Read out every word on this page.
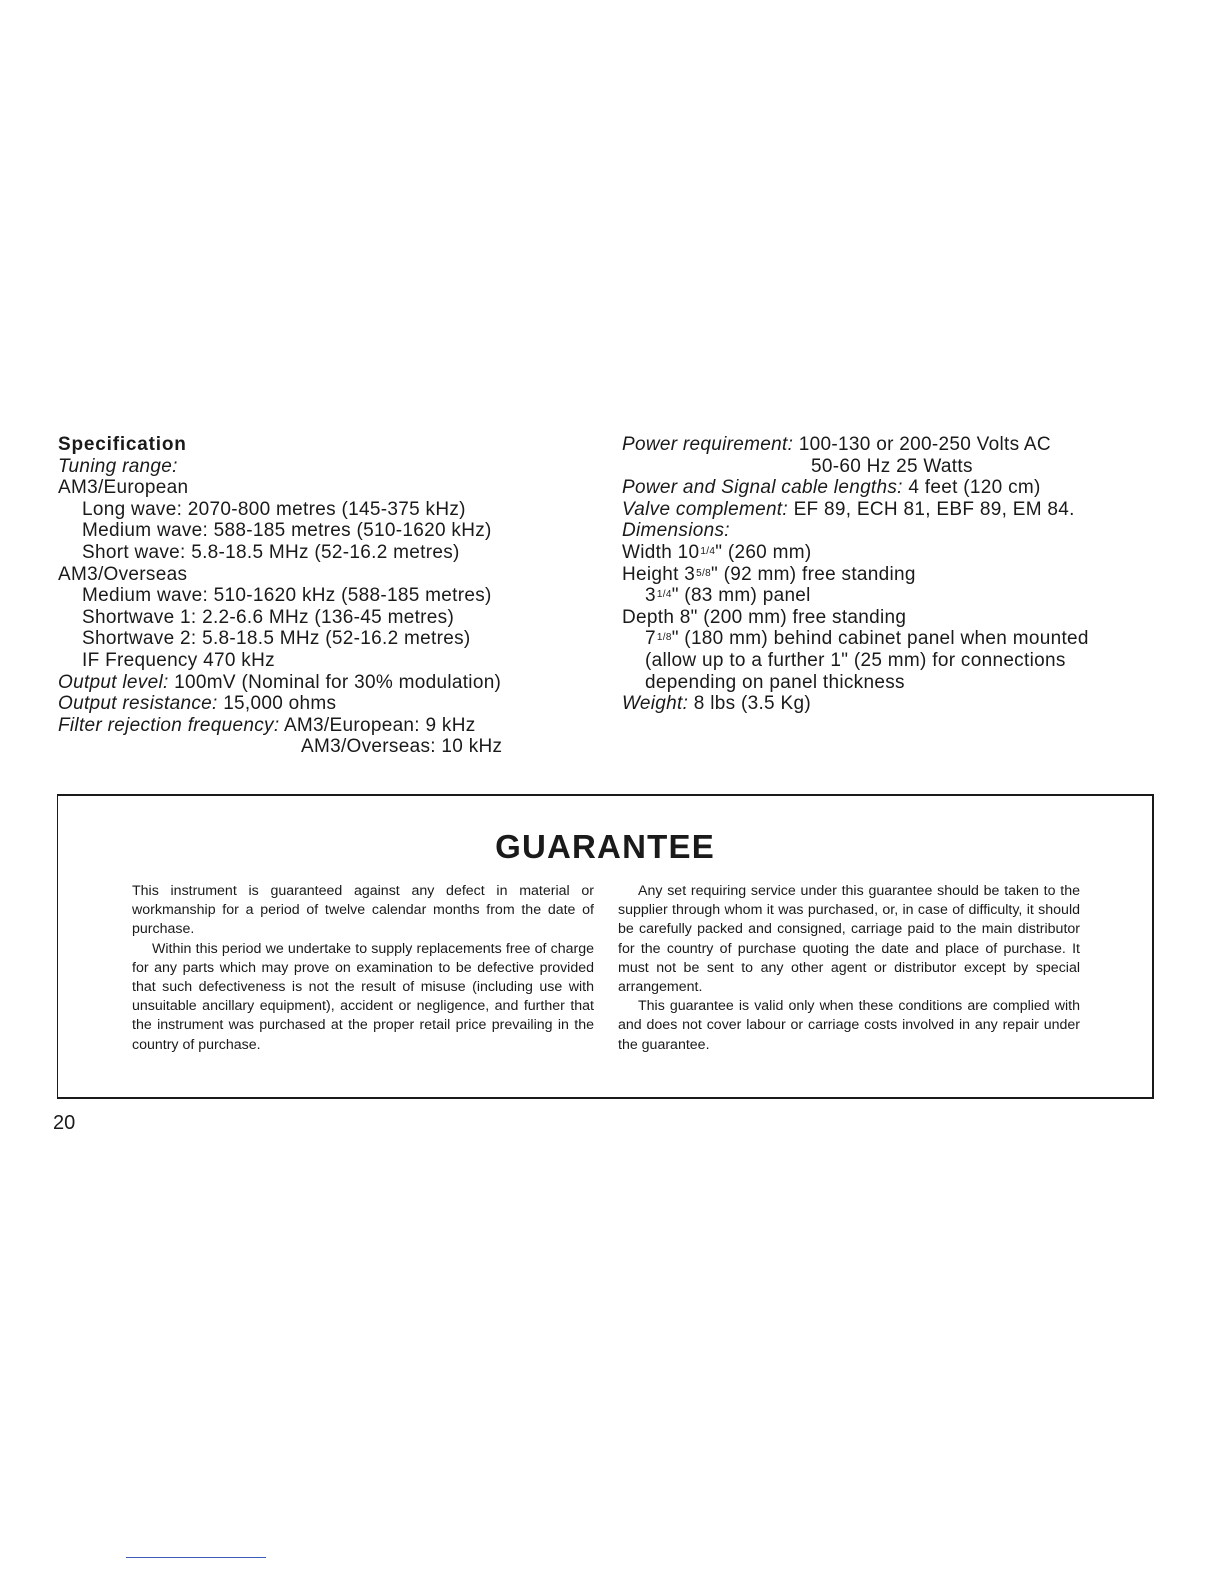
Specification
Tuning range:
AM3/European
Long wave: 2070-800 metres (145-375 kHz)
Medium wave: 588-185 metres (510-1620 kHz)
Short wave: 5.8-18.5 MHz (52-16.2 metres)
AM3/Overseas
Medium wave: 510-1620 kHz (588-185 metres)
Shortwave 1: 2.2-6.6 MHz (136-45 metres)
Shortwave 2: 5.8-18.5 MHz (52-16.2 metres)
IF Frequency 470 kHz
Output level: 100mV (Nominal for 30% modulation)
Output resistance: 15,000 ohms
Filter rejection frequency: AM3/European: 9 kHz
AM3/Overseas: 10 kHz
Power requirement: 100-130 or 200-250 Volts AC
50-60 Hz 25 Watts
Power and Signal cable lengths: 4 feet (120 cm)
Valve complement: EF 89, ECH 81, EBF 89, EM 84.
Dimensions:
Width 101/4" (260 mm)
Height 35/8" (92 mm) free standing
31/4" (83 mm) panel
Depth 8" (200 mm) free standing
71/8" (180 mm) behind cabinet panel when mounted
(allow up to a further 1" (25 mm) for connections
depending on panel thickness
Weight: 8 lbs (3.5 Kg)
GUARANTEE

This instrument is guaranteed against any defect in material or workmanship for a period of twelve calendar months from the date of purchase.

Within this period we undertake to supply replacements free of charge for any parts which may prove on examination to be defective provided that such defectiveness is not the result of misuse (including use with unsuitable ancillary equipment), accident or negligence, and further that the instrument was purchased at the proper retail price prevailing in the country of purchase.

Any set requiring service under this guarantee should be taken to the supplier through whom it was purchased, or, in case of difficulty, it should be carefully packed and consigned, carriage paid to the main distributor for the country of purchase quoting the date and place of purchase. It must not be sent to any other agent or distributor except by special arrangement.

This guarantee is valid only when these conditions are complied with and does not cover labour or carriage costs involved in any repair under the guarantee.

20
